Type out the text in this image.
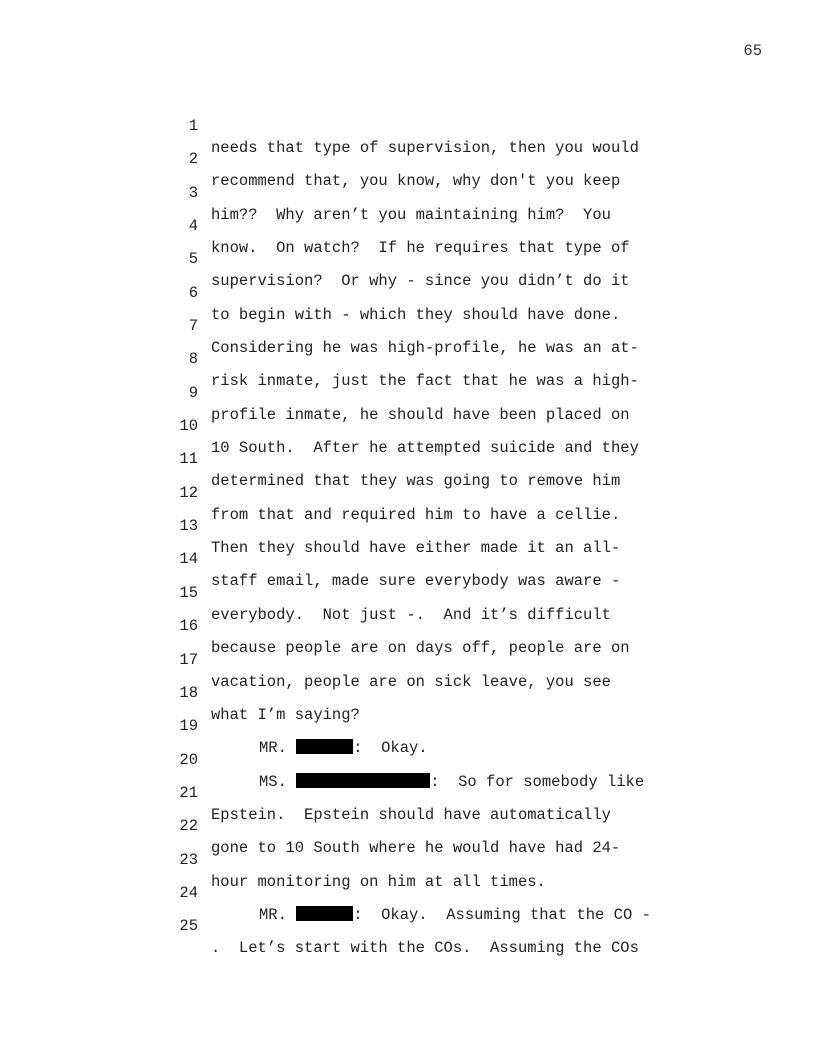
65

1

needs that type of supervision, then you would

2

recommend that, you know, why don't you keep

3

him??  Why aren’t you maintaining him?  You

4

know.  On watch?  If he requires that type of

5

supervision?  Or why - since you didn’t do it

6

to begin with - which they should have done.

7

Considering he was high-profile, he was an at-

8

risk inmate, just the fact that he was a high-

9

profile inmate, he should have been placed on

10

10 South.  After he attempted suicide and they

11

determined that they was going to remove him

12

from that and required him to have a cellie.

13

Then they should have either made it an all-

14

staff email, made sure everybody was aware -

15

everybody.  Not just -.  And it’s difficult

16

because people are on days off, people are on

17

vacation, people are on sick leave, you see

18

what I’m saying?

19

MR.	:  Okay.

20

MS.	:  So for somebody like

21

Epstein.  Epstein should have automatically

22

gone to 10 South where he would have had 24-

23

hour monitoring on him at all times.

24

MR.	:  Okay.  Assuming that the CO -

25

.  Let’s start with the COs.  Assuming the COs
